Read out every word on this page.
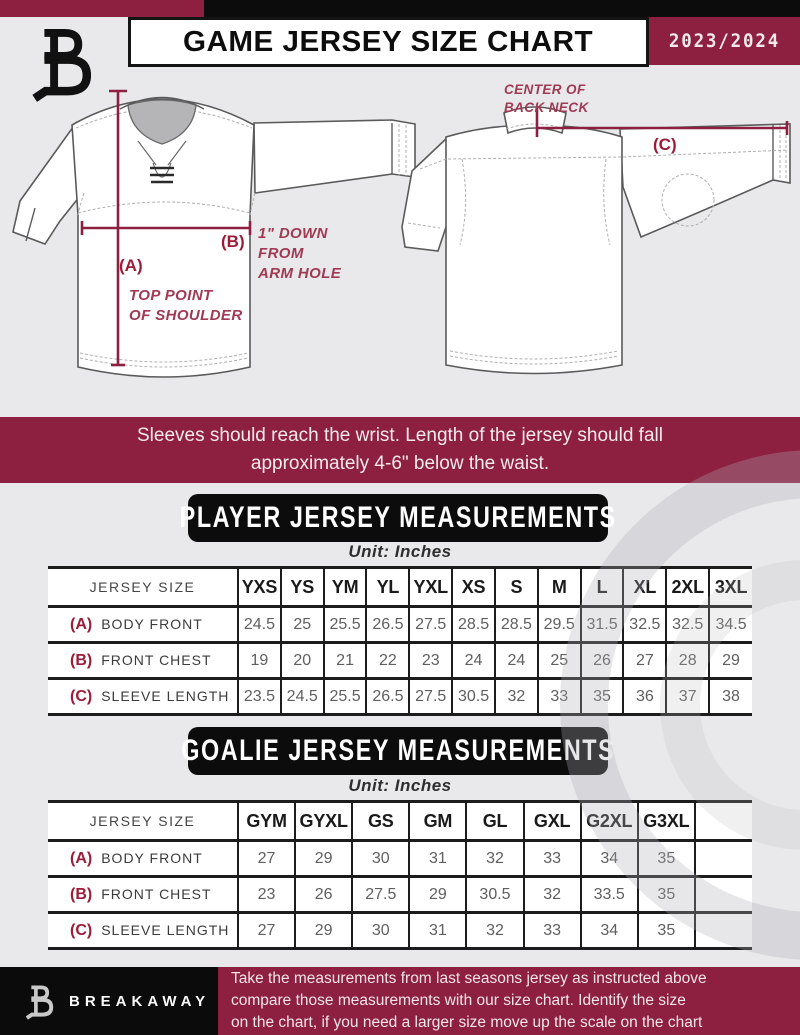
GAME JERSEY SIZE CHART	2023/2024
(A)
TOP POINT
OF SHOULDER
(B) 1" DOWN
FROM
ARM HOLE
CENTER OF
BACK NECK
(C)
Sleeves should reach the wrist. Length of the jersey should fall
approximately 4-6" below the waist.
PLAYER JERSEY MEASUREMENTS
Unit: Inches
JERSEY SIZE	YXS	YS	YM	YL	YXL	XS	S	M	L	XL	2XL	3XL
(A) BODY FRONT	24.5	25	25.5	26.5	27.5	28.5	28.5	29.5	31.5	32.5	32.5	34.5
(B) FRONT CHEST	19	20	21	22	23	24	24	25	26	27	28	29
(C) SLEEVE LENGTH	23.5	24.5	25.5	26.5	27.5	30.5	32	33	35	36	37	38
GOALIE JERSEY MEASUREMENTS
Unit: Inches
JERSEY SIZE	GYM	GYXL	GS	GM	GL	GXL	G2XL	G3XL	
(A) BODY FRONT	27	29	30	31	32	33	34	35	
(B) FRONT CHEST	23	26	27.5	29	30.5	32	33.5	35	
(C) SLEEVE LENGTH	27	29	30	31	32	33	34	35	
BREAKAWAY
Take the measurements from last seasons jersey as instructed above
compare those measurements with our size chart. Identify the size
on the chart, if you need a larger size move up the scale on the chart
